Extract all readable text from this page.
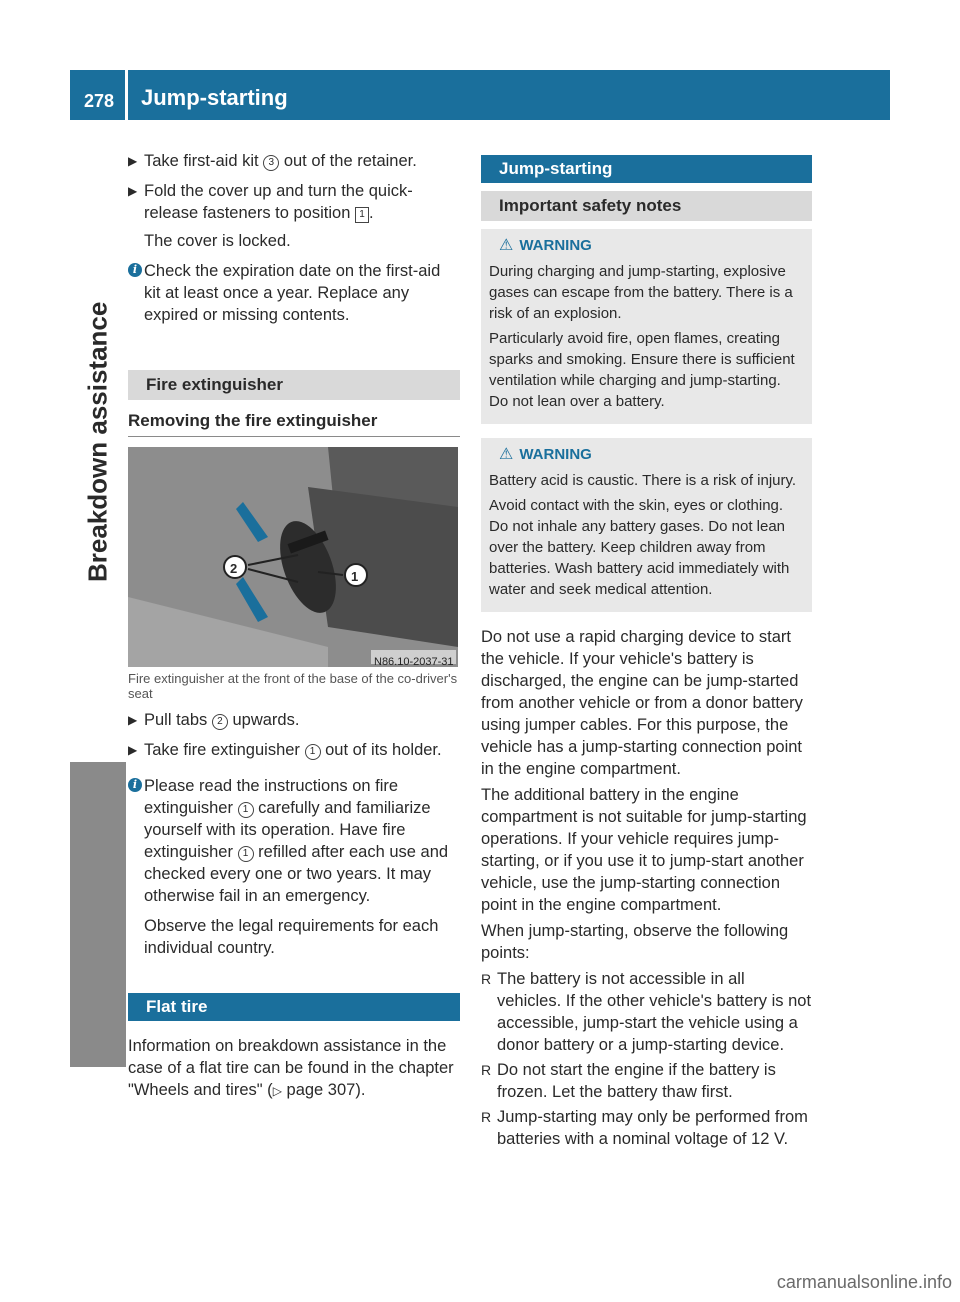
278 Jump-starting
Breakdown assistance
▶ Take first-aid kit 3 out of the retainer.
▶ Fold the cover up and turn the quick-release fasteners to position 1 .
The cover is locked.
i Check the expiration date on the first-aid kit at least once a year. Replace any expired or missing contents.

Fire extinguisher
Removing the fire extinguisher
2
1
N86.10-2037-31
Fire extinguisher at the front of the base of the co-driver's seat
▶ Pull tabs 2 upwards.
▶ Take fire extinguisher 1 out of its holder.
i Please read the instructions on fire extinguisher 1 carefully and familiarize yourself with its operation. Have fire extinguisher 1 refilled after each use and checked every one or two years. It may otherwise fail in an emergency.

Observe the legal requirements for each individual country.

Flat tire
Information on breakdown assistance in the case of a flat tire can be found in the chapter "Wheels and tires" (▷ page 307).
Jump-starting
Important safety notes
⚠ WARNING

During charging and jump-starting, explosive gases can escape from the battery. There is a risk of an explosion.

Particularly avoid fire, open flames, creating sparks and smoking. Ensure there is sufficient ventilation while charging and jump-starting. Do not lean over a battery.

⚠ WARNING

Battery acid is caustic. There is a risk of injury.

Avoid contact with the skin, eyes or clothing. Do not inhale any battery gases. Do not lean over the battery. Keep children away from batteries. Wash battery acid immediately with water and seek medical attention.

Do not use a rapid charging device to start the vehicle. If your vehicle's battery is discharged, the engine can be jump-started from another vehicle or from a donor battery using jumper cables. For this purpose, the vehicle has a jump-starting connection point in the engine compartment.

The additional battery in the engine compartment is not suitable for jump-starting operations. If your vehicle requires jump-starting, or if you use it to jump-start another vehicle, use the jump-starting connection point in the engine compartment.

When jump-starting, observe the following points:

R The battery is not accessible in all vehicles. If the other vehicle's battery is not accessible, jump-start the vehicle using a donor battery or a jump-starting device.
R Do not start the engine if the battery is frozen. Let the battery thaw first.
R Jump-starting may only be performed from batteries with a nominal voltage of 12 V.
carmanualsonline.info
